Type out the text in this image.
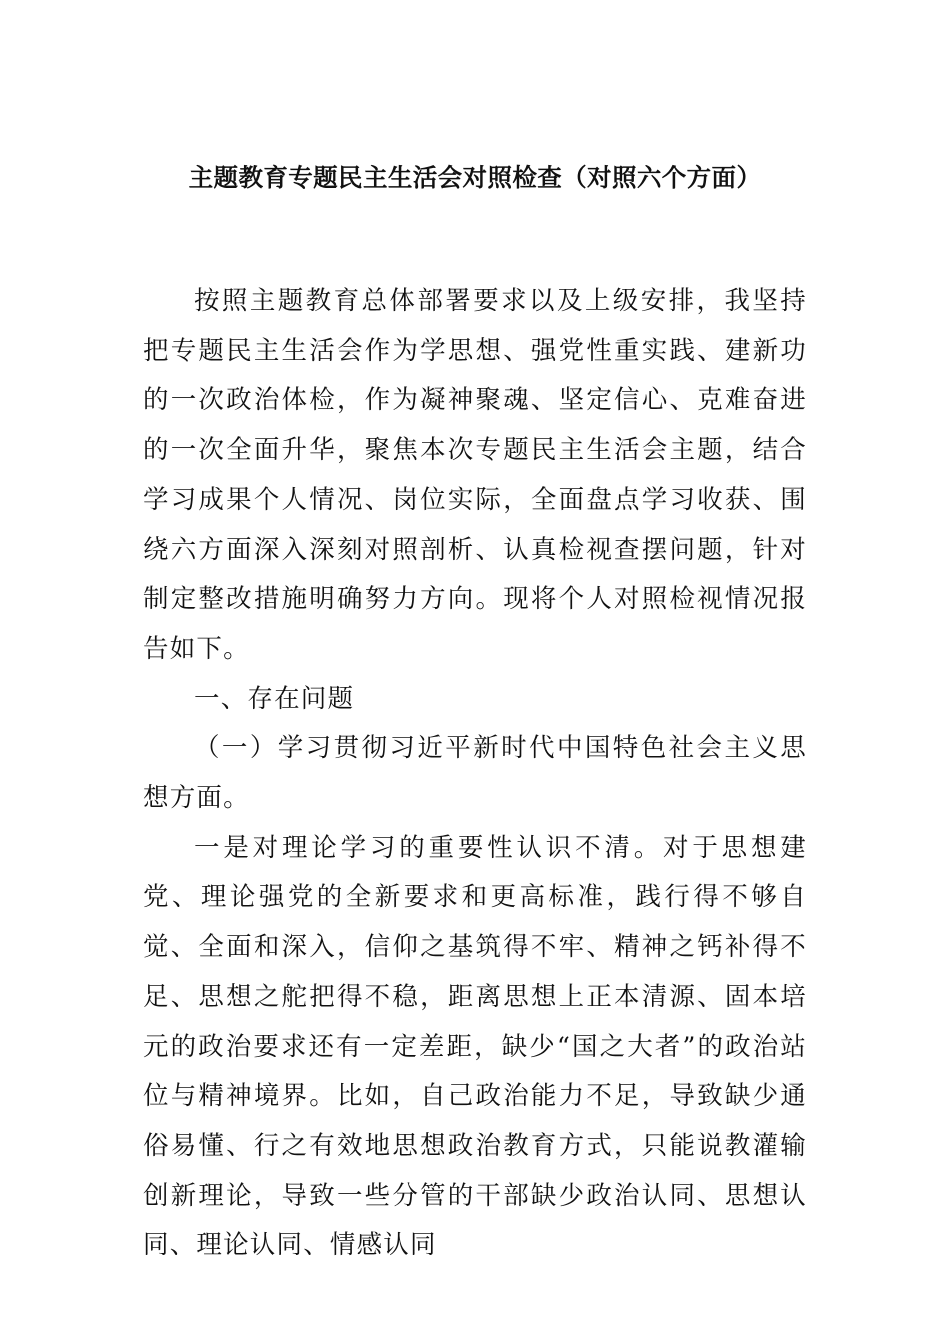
主题教育专题民主生活会对照检查（对照六个方面）

按照主题教育总体部署要求以及上级安排，我坚持把专题民主生活会作为学思想、强党性重实践、建新功的一次政治体检，作为凝神聚魂、坚定信心、克难奋进的一次全面升华，聚焦本次专题民主生活会主题，结合学习成果个人情况、岗位实际，全面盘点学习收获、围绕六方面深入深刻对照剖析、认真检视查摆问题，针对制定整改措施明确努力方向。现将个人对照检视情况报告如下。

一、存在问题

（一）学习贯彻习近平新时代中国特色社会主义思想方面。

一是对理论学习的重要性认识不清。对于思想建党、理论强党的全新要求和更高标准，践行得不够自觉、全面和深入，信仰之基筑得不牢、精神之钙补得不足、思想之舵把得不稳，距离思想上正本清源、固本培元的政治要求还有一定差距，缺少“国之大者”的政治站位与精神境界。比如，自己政治能力不足，导致缺少通俗易懂、行之有效地思想政治教育方式，只能说教灌输创新理论，导致一些分管的干部缺少政治认同、思想认同、理论认同、情感认同
